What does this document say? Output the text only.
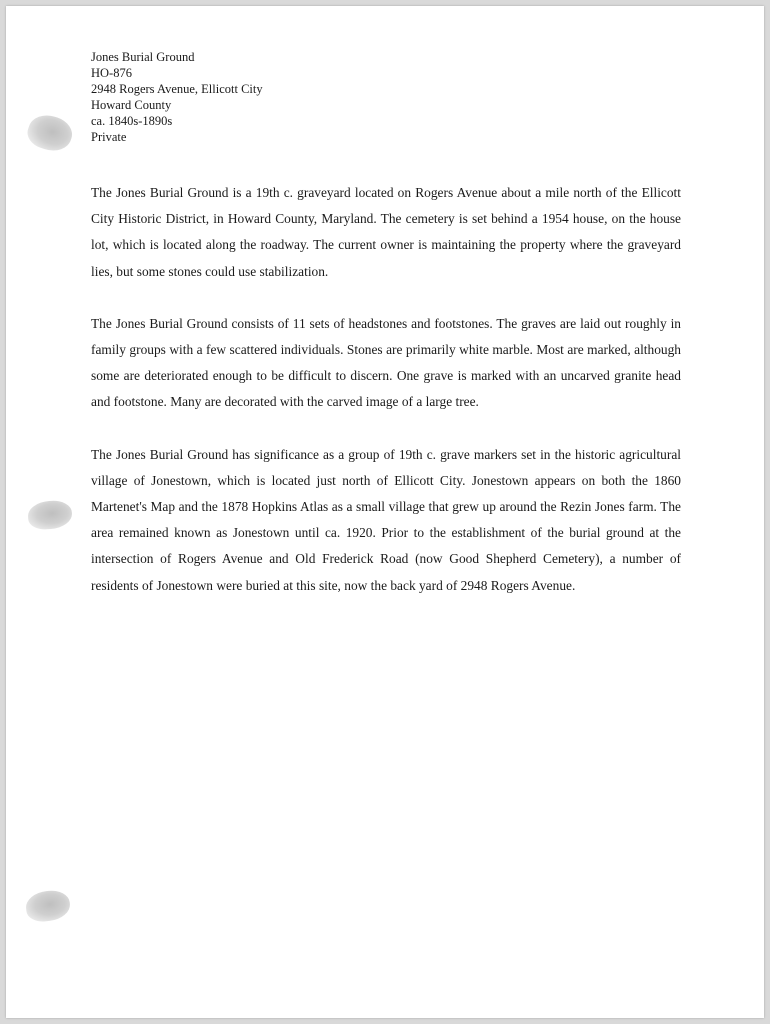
Jones Burial Ground
HO-876
2948 Rogers Avenue, Ellicott City
Howard County
ca. 1840s-1890s
Private

The Jones Burial Ground is a 19th c. graveyard located on Rogers Avenue about a mile north of the Ellicott City Historic District, in Howard County, Maryland. The cemetery is set behind a 1954 house, on the house lot, which is located along the roadway. The current owner is maintaining the property where the graveyard lies, but some stones could use stabilization.

The Jones Burial Ground consists of 11 sets of headstones and footstones. The graves are laid out roughly in family groups with a few scattered individuals. Stones are primarily white marble. Most are marked, although some are deteriorated enough to be difficult to discern. One grave is marked with an uncarved granite head and footstone. Many are decorated with the carved image of a large tree.

The Jones Burial Ground has significance as a group of 19th c. grave markers set in the historic agricultural village of Jonestown, which is located just north of Ellicott City. Jonestown appears on both the 1860 Martenet's Map and the 1878 Hopkins Atlas as a small village that grew up around the Rezin Jones farm. The area remained known as Jonestown until ca. 1920. Prior to the establishment of the burial ground at the intersection of Rogers Avenue and Old Frederick Road (now Good Shepherd Cemetery), a number of residents of Jonestown were buried at this site, now the back yard of 2948 Rogers Avenue.
